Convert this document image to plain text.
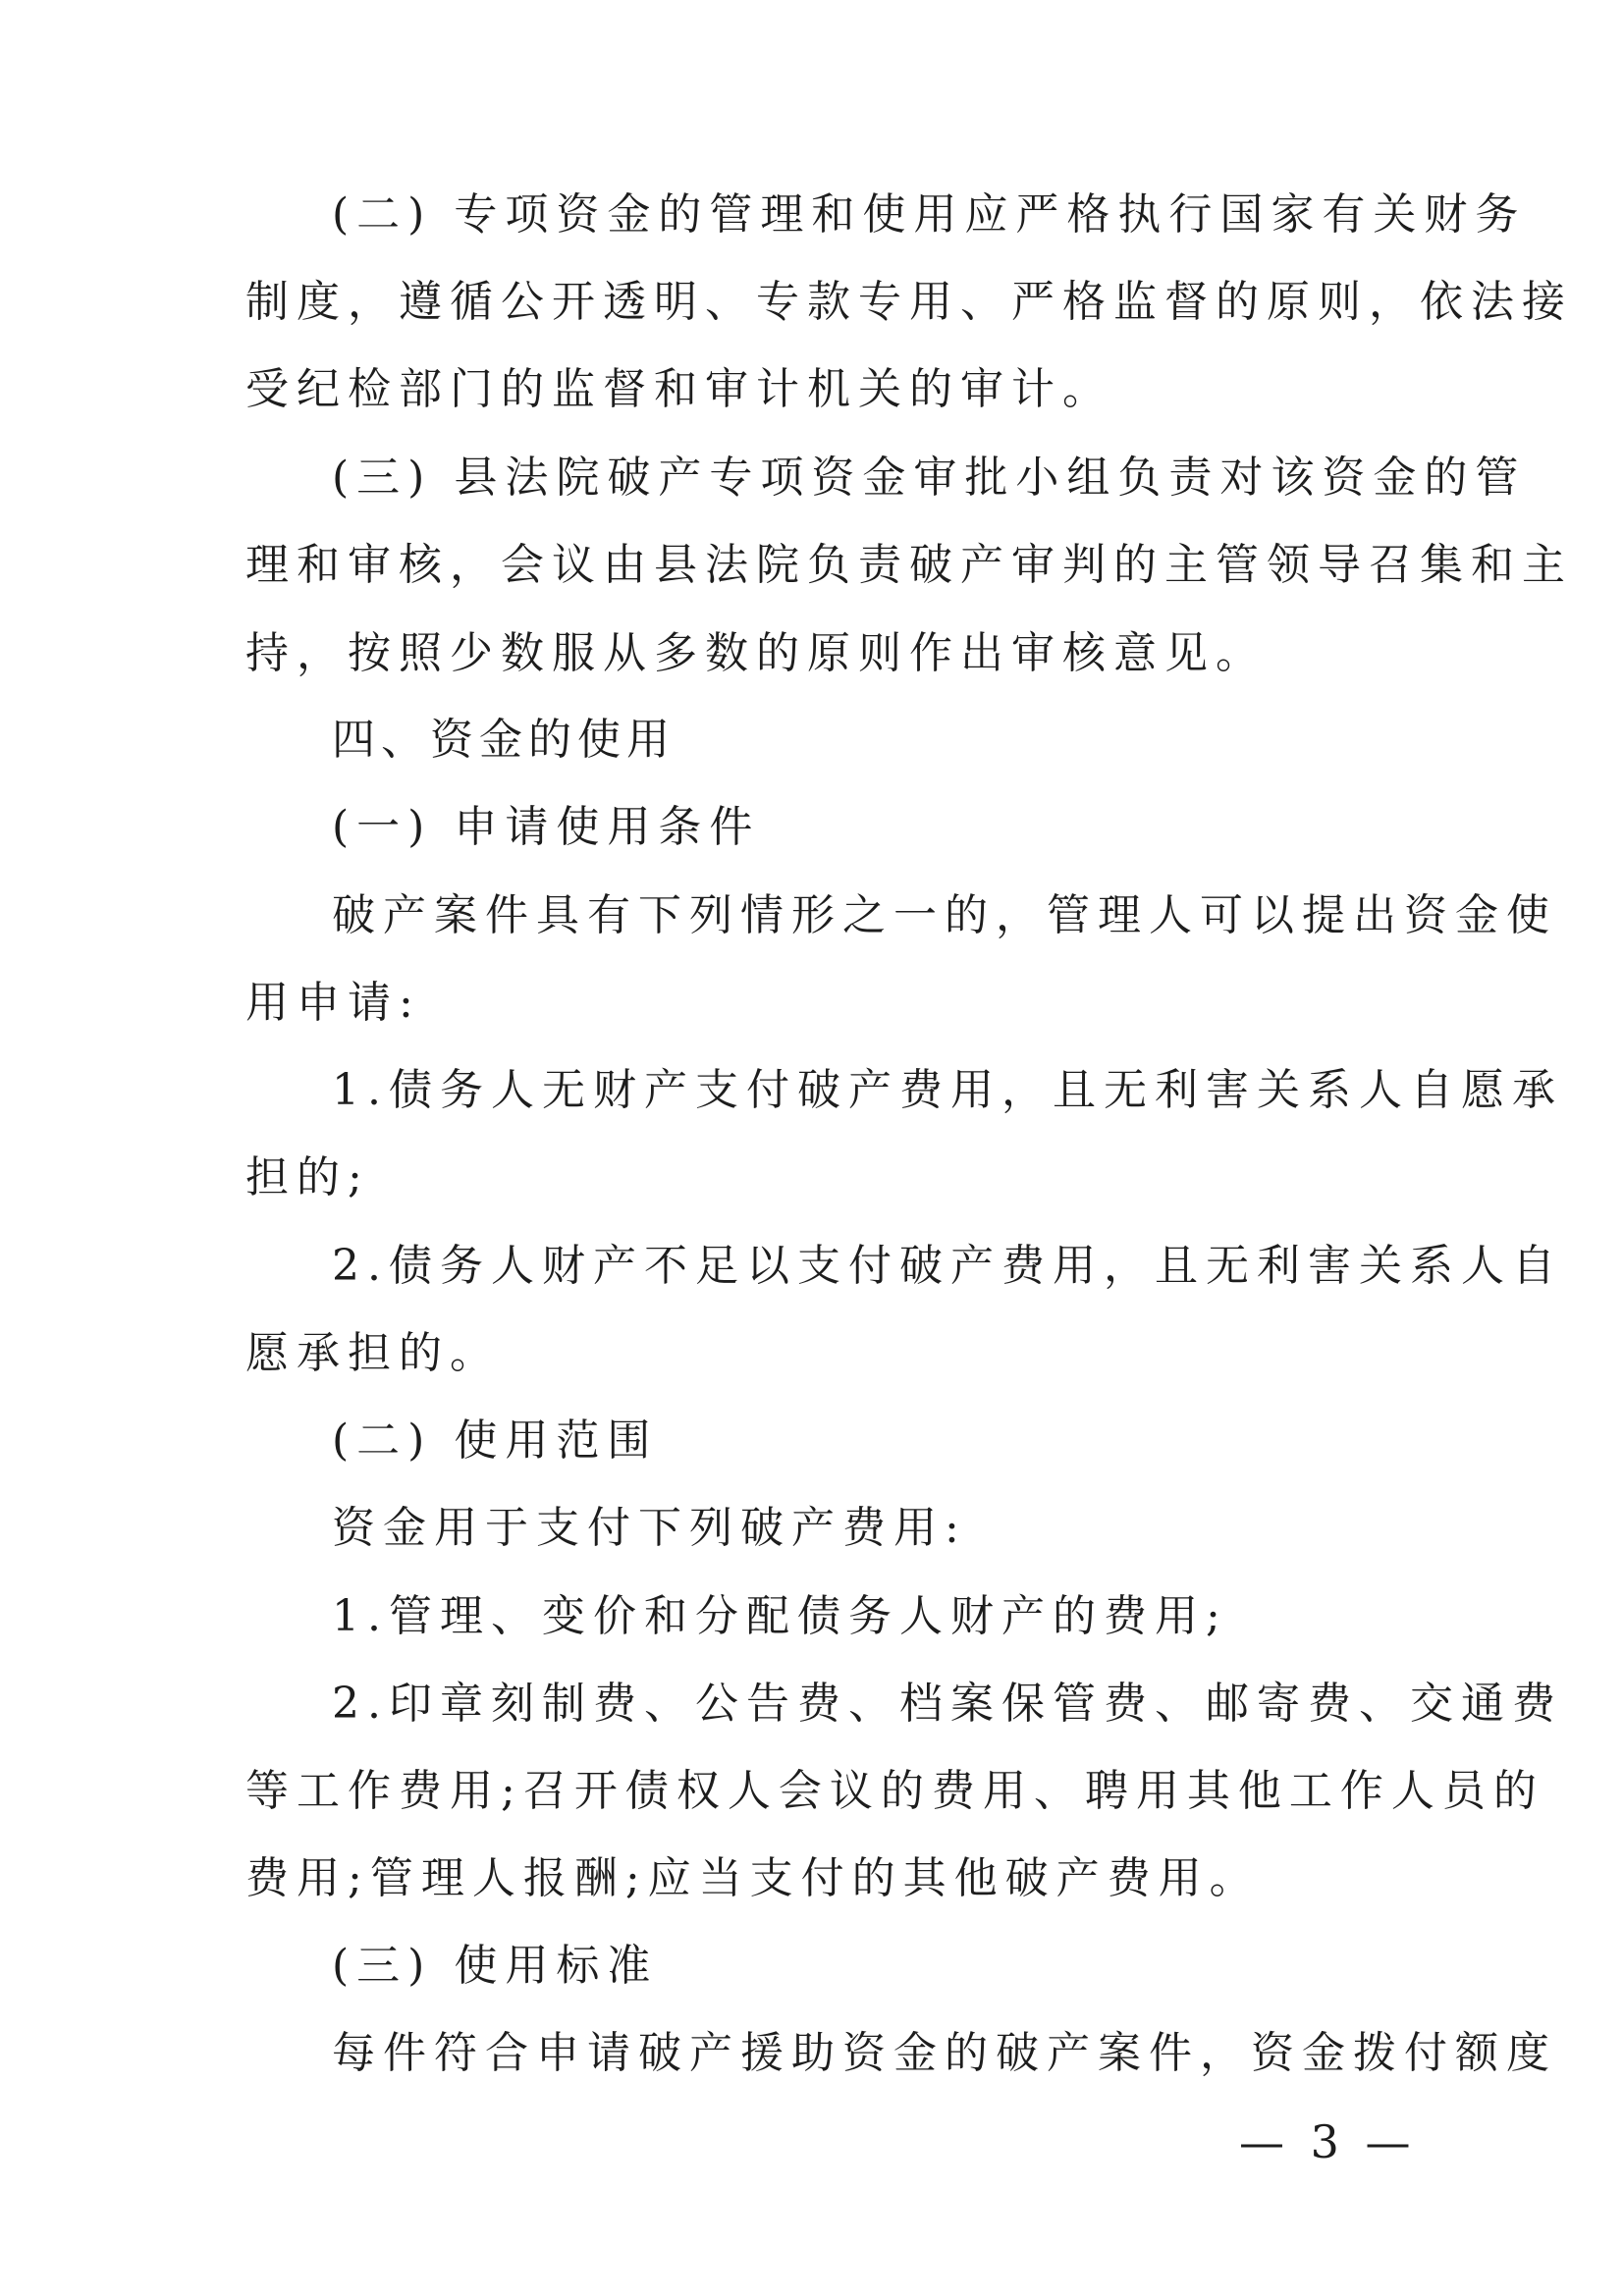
(二) 专项资金的管理和使用应严格执行国家有关财务
制度，遵循公开透明、专款专用、严格监督的原则，依法接
受纪检部门的监督和审计机关的审计。
(三) 县法院破产专项资金审批小组负责对该资金的管
理和审核，会议由县法院负责破产审判的主管领导召集和主
持，按照少数服从多数的原则作出审核意见。
四、资金的使用
(一) 申请使用条件
破产案件具有下列情形之一的，管理人可以提出资金使
用申请:
1.债务人无财产支付破产费用，且无利害关系人自愿承
担的;
2.债务人财产不足以支付破产费用，且无利害关系人自
愿承担的。
(二) 使用范围
资金用于支付下列破产费用:
1.管理、变价和分配债务人财产的费用;
2.印章刻制费、公告费、档案保管费、邮寄费、交通费
等工作费用;召开债权人会议的费用、聘用其他工作人员的
费用;管理人报酬;应当支付的其他破产费用。
(三) 使用标准
每件符合申请破产援助资金的破产案件，资金拨付额度
— 3 —
